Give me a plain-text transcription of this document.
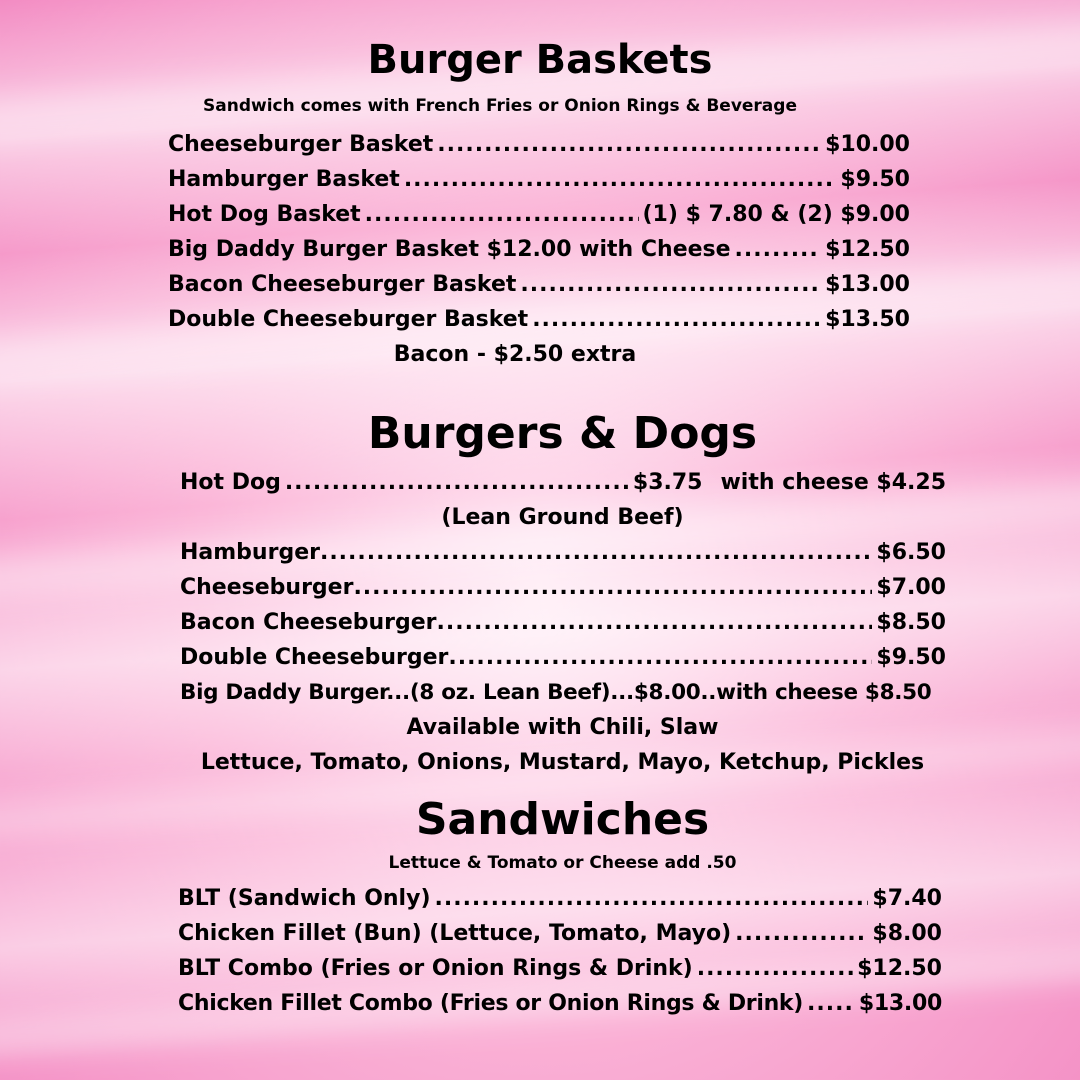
Burger Baskets
Sandwich comes with French Fries or Onion Rings & Beverage
Cheeseburger Basket .....	$10.00
Hamburger Basket .....	$9.50
Hot Dog Basket .....	(1) $ 7.80 & (2) $9.00
Big Daddy Burger Basket $12.00 with Cheese .....	$12.50
Bacon Cheeseburger Basket .....	$13.00
Double Cheeseburger Basket .....	$13.50
Bacon - $2.50 extra
Burgers & Dogs
Hot Dog .....	$3.75 with cheese $4.25
(Lean Ground Beef)
Hamburger .....	$6.50
Cheeseburger .....	$7.00
Bacon Cheeseburger .....	$8.50
Double Cheeseburger .....	$9.50
Big Daddy Burger...(8 oz. Lean Beef)...$8.00..with cheese $8.50
Available with Chili, Slaw
Lettuce, Tomato, Onions, Mustard, Mayo, Ketchup, Pickles
Sandwiches
Lettuce & Tomato or Cheese add .50
BLT (Sandwich Only) .....	$7.40
Chicken Fillet (Bun) (Lettuce, Tomato, Mayo) .....	$8.00
BLT Combo (Fries or Onion Rings & Drink) .....	$12.50
Chicken Fillet Combo (Fries or Onion Rings & Drink) .....	$13.00
